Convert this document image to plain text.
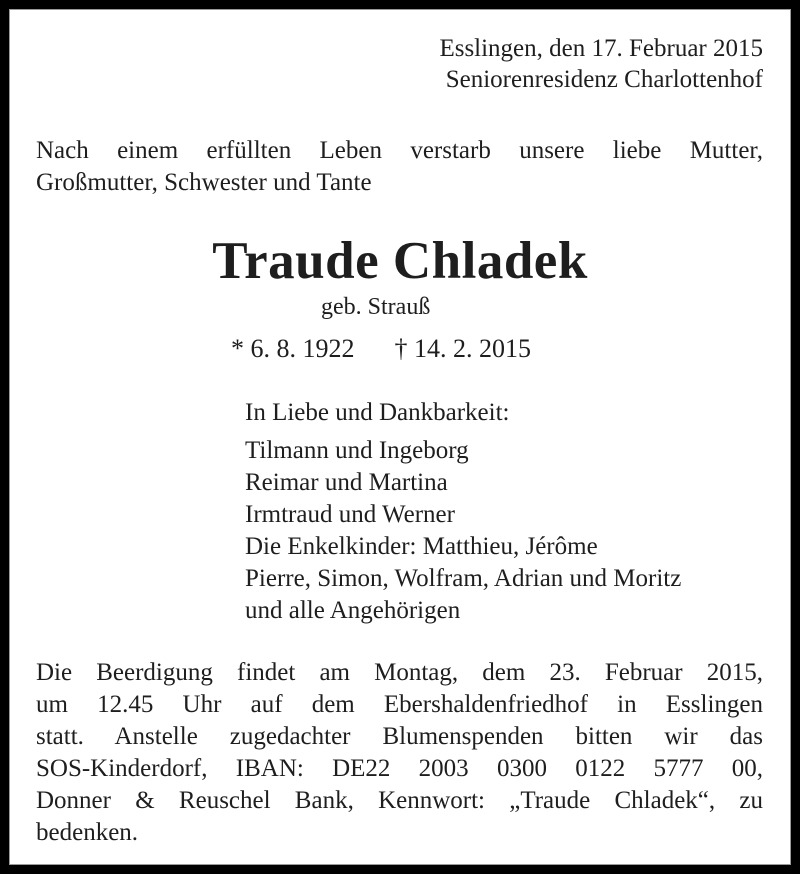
Esslingen, den 17. Februar 2015
Seniorenresidenz Charlottenhof
Nach einem erfüllten Leben verstarb unsere liebe Mutter,
Großmutter, Schwester und Tante
Traude Chladek
geb. Strauß
* 6. 8. 1922 † 14. 2. 2015
In Liebe und Dankbarkeit:
Tilmann und Ingeborg
Reimar und Martina
Irmtraud und Werner
Die Enkelkinder: Matthieu, Jérôme
Pierre, Simon, Wolfram, Adrian und Moritz
und alle Angehörigen
Die Beerdigung findet am Montag, dem 23. Februar 2015,
um 12.45 Uhr auf dem Ebershaldenfriedhof in Esslingen
statt. Anstelle zugedachter Blumenspenden bitten wir das
SOS-Kinderdorf, IBAN: DE22 2003 0300 0122 5777 00,
Donner & Reuschel Bank, Kennwort: „Traude Chladek“, zu
bedenken.
